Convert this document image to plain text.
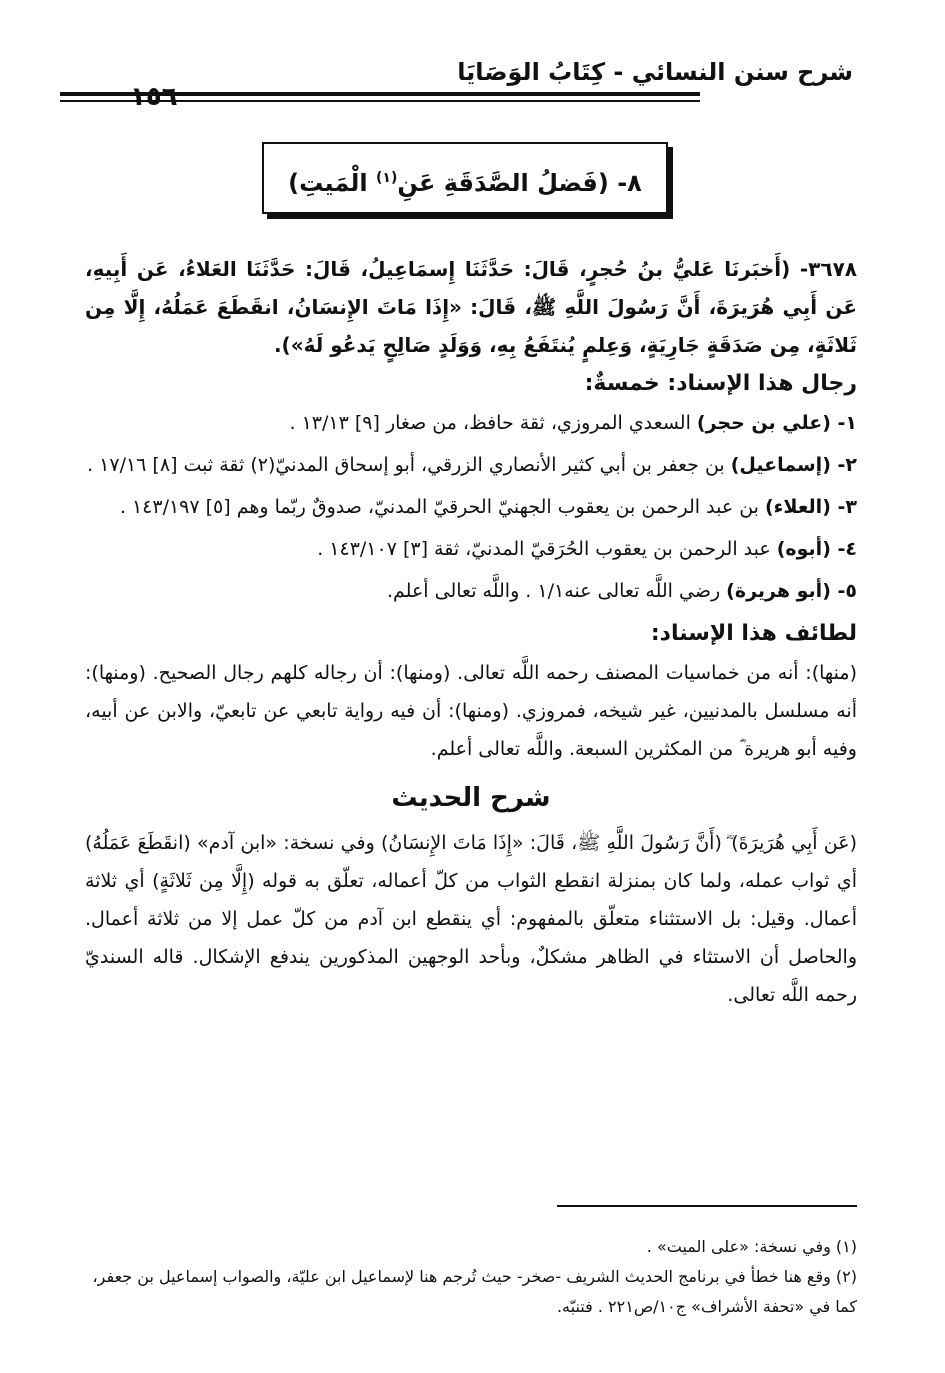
شرح سنن النسائي - كِتَابُ الوَصَايَا
١٥٦
٨- (فَضلُ الصَّدَقَةِ عَنِ$^{(١)}$ الْمَيتِ)

٣٦٧٨- (أَخبَرنَا عَليُّ بنُ حُجرٍ، قَالَ: حَدَّثَنَا إِسمَاعِيلُ، قَالَ: حَدَّثَنَا العَلاءُ، عَن أَبِيهِ، عَن أَبِي هُرَيرَةَ، أَنَّ رَسُولَ اللَّهِ ﷺ، قَالَ: «إِذَا مَاتَ الإِنسَانُ، انقَطَعَ عَمَلُهُ، إِلَّا مِن ثَلاثَةٍ، مِن صَدَقَةٍ جَارِيَةٍ، وَعِلمٍ يُنتَفَعُ بِهِ، وَوَلَدٍ صَالِحٍ يَدعُو لَهُ»).

رجال هذا الإسناد: خمسةٌ:

١- (علي بن حجر) السعدي المروزي، ثقة حافظ، من صغار [٩] ١٣/١٣ .

٢- (إسماعيل) بن جعفر بن أبي كثير الأنصاري الزرقي، أبو إسحاق المدنيّ(٢) ثقة ثبت [٨] ١٧/١٦ .

٣- (العلاء) بن عبد الرحمن بن يعقوب الجهنيّ الحرقيّ المدنيّ، صدوقٌ ربّما وهم [٥] ١٤٣/١٩٧ .

٤- (أبوه) عبد الرحمن بن يعقوب الحُرَقيّ المدنيّ، ثقة [٣] ١٤٣/١٠٧ .

٥- (أبو هريرة) رضي اللَّه تعالى عنه١/١ . واللَّه تعالى أعلم.

لطائف هذا الإسناد:

(منها): أنه من خماسيات المصنف رحمه اللَّه تعالى. (ومنها): أن رجاله كلهم رجال الصحيح. (ومنها): أنه مسلسل بالمدنيين، غير شيخه، فمروزي. (ومنها): أن فيه رواية تابعي عن تابعيّ، والابن عن أبيه، وفيه أبو هريرة ؓ من المكثرين السبعة. واللَّه تعالى أعلم.

شرح الحديث

(عَن أَبِي هُرَيرَةَ) ؓ (أَنَّ رَسُولَ اللَّهِ ﷺ، قَالَ: «إِذَا مَاتَ الإِنسَانُ) وفي نسخة: «ابن آدم» (انقَطَعَ عَمَلُهُ) أي ثواب عمله، ولما كان بمنزلة انقطع الثواب من كلّ أعماله، تعلّق به قوله (إِلَّا مِن ثَلاثَةٍ) أي ثلاثة أعمال. وقيل: بل الاستثناء متعلّق بالمفهوم: أي ينقطع ابن آدم من كلّ عمل إلا من ثلاثة أعمال. والحاصل أن الاستثاء في الظاهر مشكلٌ، وبأحد الوجهين المذكورين يندفع الإشكال. قاله السنديّ رحمه اللَّه تعالى.

(١) وفي نسخة: «على الميت» .

(٢) وقع هنا خطأ في برنامج الحديث الشريف -صخر- حيث تُرجم هنا لإسماعيل ابن عليّة، والصواب إسماعيل بن جعفر، كما في «تحفة الأشراف» ج١٠/ص٢٢١ . فتنبّه.
